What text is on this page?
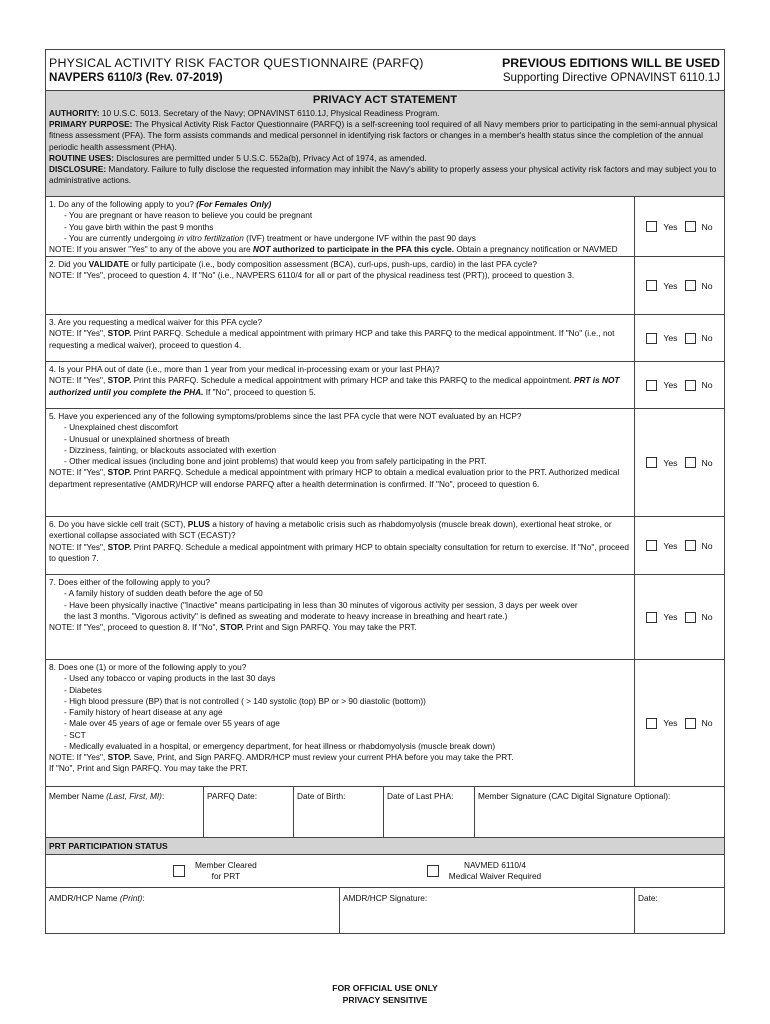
PHYSICAL ACTIVITY RISK FACTOR QUESTIONNAIRE (PARFQ)
NAVPERS 6110/3 (Rev. 07-2019)
PREVIOUS EDITIONS WILL BE USED
Supporting Directive OPNAVINST 6110.1J
PRIVACY ACT STATEMENT
AUTHORITY: 10 U.S.C. 5013. Secretary of the Navy; OPNAVINST 6110.1J, Physical Readiness Program.
PRIMARY PURPOSE: The Physical Activity Risk Factor Questionnaire (PARFQ) is a self-screening tool required of all Navy members prior to participating in the semi-annual physical fitness assessment (PFA). The form assists commands and medical personnel in identifying risk factors or changes in a member's health status since the completion of the annual periodic health assessment (PHA).
ROUTINE USES: Disclosures are permitted under 5 U.S.C. 552a(b), Privacy Act of 1974, as amended.
DISCLOSURE: Mandatory. Failure to fully disclose the requested information may inhibit the Navy's ability to properly assess your physical activity risk factors and may subject you to administrative actions.
1. Do any of the following apply to you? (For Females Only)
- You are pregnant or have reason to believe you could be pregnant
- You gave birth within the past 9 months
- You are currently undergoing in vitro fertilization (IVF) treatment or have undergone IVF within the past 90 days
NOTE: If you answer "Yes" to any of the above you are NOT authorized to participate in the PFA this cycle. Obtain a pregnancy notification or NAVMED
Yes	No
2. Did you VALIDATE or fully participate (i.e., body composition assessment (BCA), curl-ups, push-ups, cardio) in the last PFA cycle?
NOTE: If "Yes", proceed to question 4. If "No" (i.e., NAVPERS 6110/4 for all or part of the physical readiness test (PRT)), proceed to question 3.
Yes	No
3. Are you requesting a medical waiver for this PFA cycle?
NOTE: If "Yes", STOP. Print PARFQ. Schedule a medical appointment with primary HCP and take this PARFQ to the medical appointment. If "No" (i.e., not requesting a medical waiver), proceed to question 4.
Yes	No
4. Is your PHA out of date (i.e., more than 1 year from your medical in-processing exam or your last PHA)?
NOTE: If "Yes", STOP. Print this PARFQ. Schedule a medical appointment with primary HCP and take this PARFQ to the medical appointment. PRT is NOT authorized until you complete the PHA. If "No", proceed to question 5.
Yes	No
5. Have you experienced any of the following symptoms/problems since the last PFA cycle that were NOT evaluated by an HCP?
- Unexplained chest discomfort
- Unusual or unexplained shortness of breath
- Dizziness, fainting, or blackouts associated with exertion
- Other medical issues (including bone and joint problems) that would keep you from safely participating in the PRT.
NOTE: If "Yes", STOP. Print PARFQ. Schedule a medical appointment with primary HCP to obtain a medical evaluation prior to the PRT. Authorized medical department representative (AMDR)/HCP will endorse PARFQ after a health determination is confirmed. If "No", proceed to question 6.
Yes	No
6. Do you have sickle cell trait (SCT), PLUS a history of having a metabolic crisis such as rhabdomyolysis (muscle break down), exertional heat stroke, or exertional collapse associated with SCT (ECAST)?
NOTE: If "Yes", STOP. Print PARFQ. Schedule a medical appointment with primary HCP to obtain specialty consultation for return to exercise. If "No", proceed to question 7.
Yes	No
7. Does either of the following apply to you?
- A family history of sudden death before the age of 50
- Have been physically inactive ("Inactive" means participating in less than 30 minutes of vigorous activity per session, 3 days per week over the last 3 months. "Vigorous activity" is defined as sweating and moderate to heavy increase in breathing and heart rate.)
NOTE: If "Yes", proceed to question 8. If "No", STOP. Print and Sign PARFQ. You may take the PRT.
Yes	No
8. Does one (1) or more of the following apply to you?
- Used any tobacco or vaping products in the last 30 days
- Diabetes
- High blood pressure (BP) that is not controlled ( > 140 systolic (top) BP or > 90 diastolic (bottom))
- Family history of heart disease at any age
- Male over 45 years of age or female over 55 years of age
- SCT
- Medically evaluated in a hospital, or emergency department, for heat illness or rhabdomyolysis (muscle break down)
NOTE: If "Yes", STOP. Save, Print, and Sign PARFQ. AMDR/HCP must review your current PHA before you may take the PRT.
If "No", Print and Sign PARFQ. You may take the PRT.
Yes	No
Member Name (Last, First, MI):	PARFQ Date:	Date of Birth:	Date of Last PHA:	Member Signature (CAC Digital Signature Optional):
PRT PARTICIPATION STATUS
Member Cleared
for PRT
NAVMED 6110/4
Medical Waiver Required
AMDR/HCP Name (Print):	AMDR/HCP Signature:	Date:
FOR OFFICIAL USE ONLY
PRIVACY SENSITIVE
